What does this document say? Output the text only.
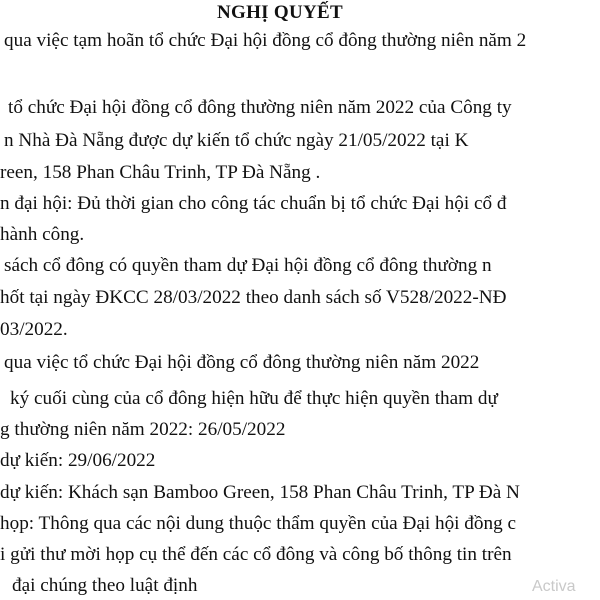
NGHỊ QUYẾT
qua việc tạm hoãn tổ chức Đại hội đồng cổ đông thường niên năm 2
tổ chức Đại hội đồng cổ đông thường niên năm 2022 của Công ty
n Nhà Đà Nẵng được dự kiến tổ chức ngày 21/05/2022 tại K
reen, 158 Phan Châu Trinh, TP Đà Nẵng .
n đại hội: Đủ thời gian cho công tác chuẩn bị tổ chức Đại hội cổ đ
hành công.
sách cổ đông có quyền tham dự Đại hội đồng cổ đông thường n
hốt tại ngày ĐKCC 28/03/2022 theo danh sách số V528/2022-NĐ
03/2022.
qua việc tổ chức Đại hội đồng cổ đông thường niên năm 2022
ký cuối cùng của cổ đông hiện hữu để thực hiện quyền tham dự
g thường niên năm 2022: 26/05/2022
dự kiến: 29/06/2022
dự kiến: Khách sạn Bamboo Green, 158 Phan Châu Trinh, TP Đà N
họp: Thông qua các nội dung thuộc thẩm quyền của Đại hội đồng c
i gửi thư mời họp cụ thể đến các cổ đông và công bố thông tin trên
đại chúng theo luật định	Activa
